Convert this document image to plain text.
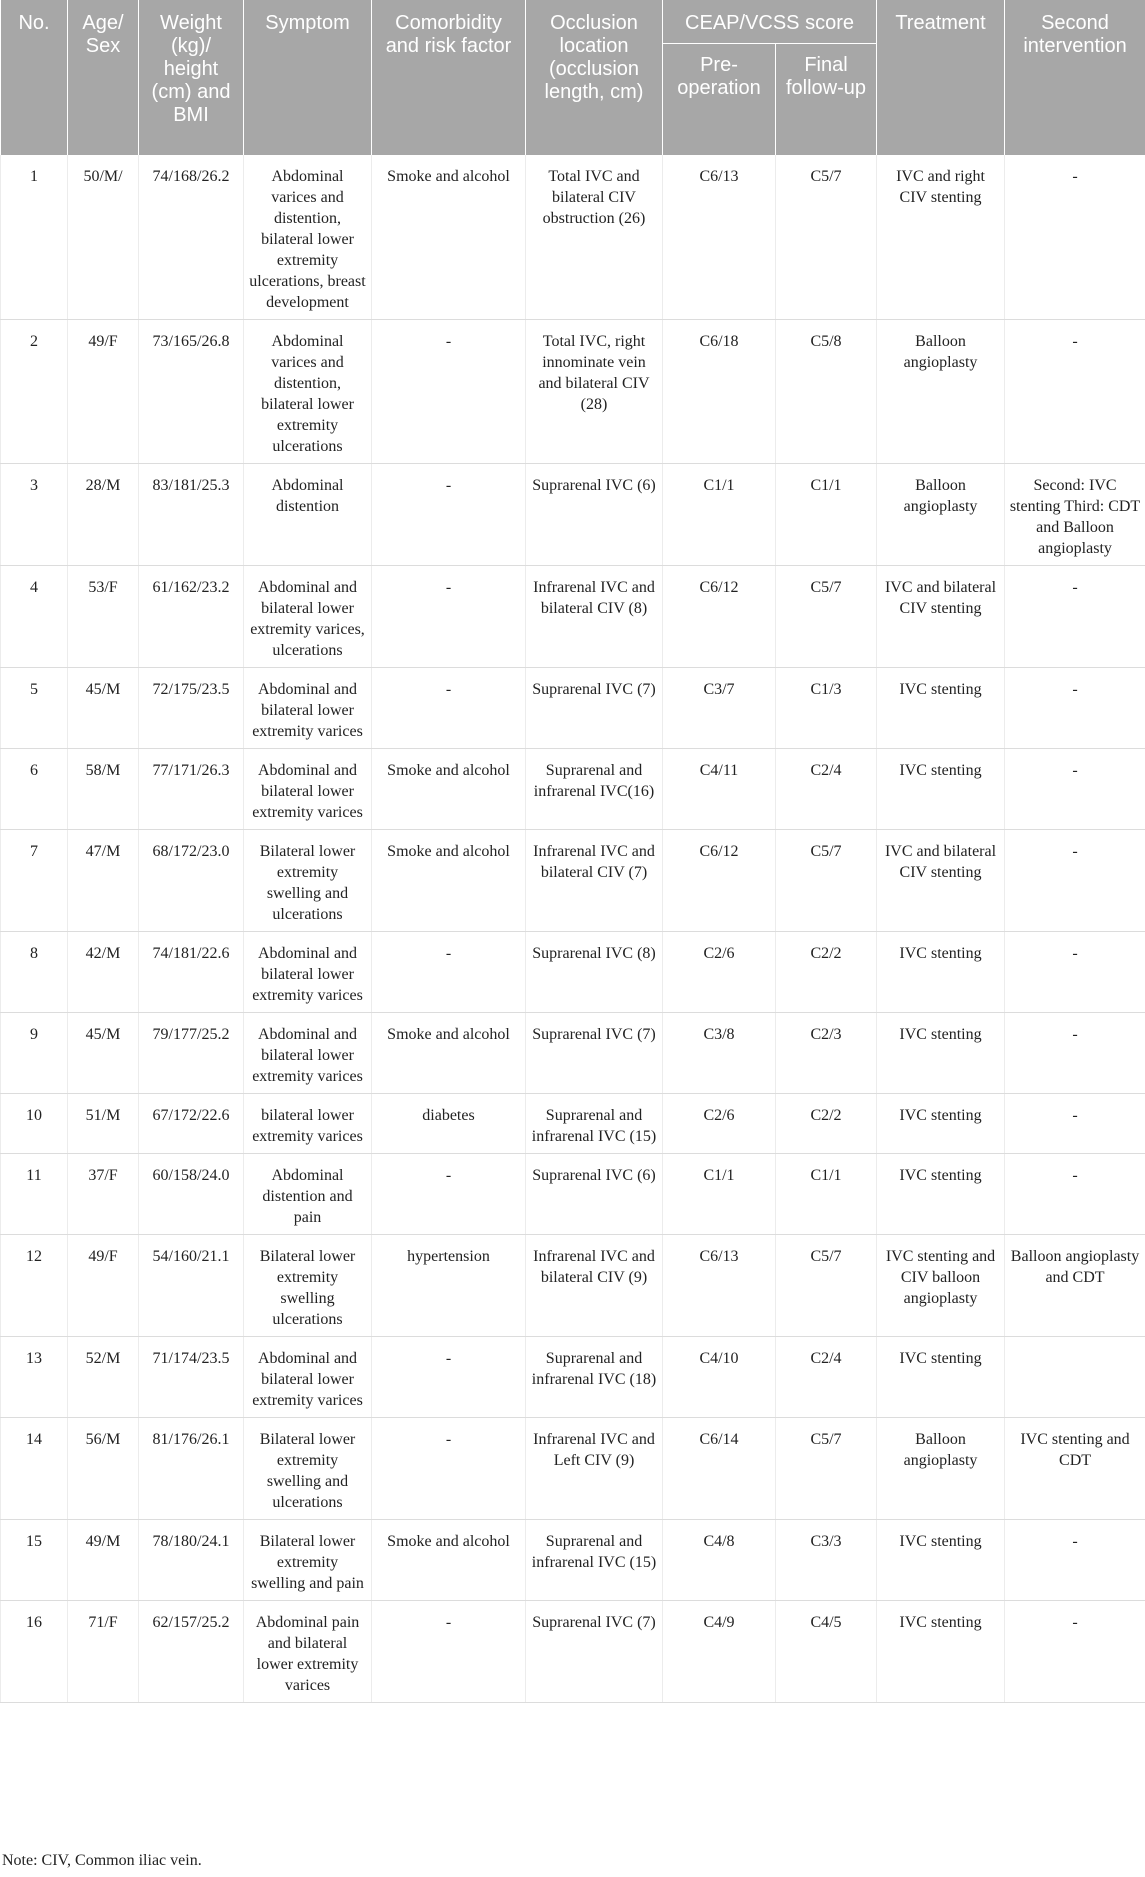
No.	Age/ Sex	Weight (kg)/ height (cm) and BMI	Symptom	Comorbidity and risk factor	Occlusion location (occlusion length, cm)	CEAP/VCSS score		Treatment	Second intervention
						Pre-operation	Final follow-up		
1	50/M/	74/168/26.2	Abdominal varices and distention, bilateral lower extremity ulcerations, breast development	Smoke and alcohol	Total IVC and bilateral CIV obstruction (26)	C6/13	C5/7	IVC and right CIV stenting	-
2	49/F	73/165/26.8	Abdominal varices and distention, bilateral lower extremity ulcerations	-	Total IVC, right innominate vein and bilateral CIV (28)	C6/18	C5/8	Balloon angioplasty	-
3	28/M	83/181/25.3	Abdominal distention	-	Suprarenal IVC (6)	C1/1	C1/1	Balloon angioplasty	Second: IVC stenting Third: CDT and Balloon angioplasty
4	53/F	61/162/23.2	Abdominal and bilateral lower extremity varices, ulcerations	-	Infrarenal IVC and bilateral CIV (8)	C6/12	C5/7	IVC and bilateral CIV stenting	-
5	45/M	72/175/23.5	Abdominal and bilateral lower extremity varices	-	Suprarenal IVC (7)	C3/7	C1/3	IVC stenting	-
6	58/M	77/171/26.3	Abdominal and bilateral lower extremity varices	Smoke and alcohol	Suprarenal and infrarenal IVC(16)	C4/11	C2/4	IVC stenting	-
7	47/M	68/172/23.0	Bilateral lower extremity swelling and ulcerations	Smoke and alcohol	Infrarenal IVC and bilateral CIV (7)	C6/12	C5/7	IVC and bilateral CIV stenting	-
8	42/M	74/181/22.6	Abdominal and bilateral lower extremity varices	-	Suprarenal IVC (8)	C2/6	C2/2	IVC stenting	-
9	45/M	79/177/25.2	Abdominal and bilateral lower extremity varices	Smoke and alcohol	Suprarenal IVC (7)	C3/8	C2/3	IVC stenting	-
10	51/M	67/172/22.6	bilateral lower extremity varices	diabetes	Suprarenal and infrarenal IVC (15)	C2/6	C2/2	IVC stenting	-
11	37/F	60/158/24.0	Abdominal distention and pain	-	Suprarenal IVC (6)	C1/1	C1/1	IVC stenting	-
12	49/F	54/160/21.1	Bilateral lower extremity swelling ulcerations	hypertension	Infrarenal IVC and bilateral CIV (9)	C6/13	C5/7	IVC stenting and CIV balloon angioplasty	Balloon angioplasty and CDT
13	52/M	71/174/23.5	Abdominal and bilateral lower extremity varices	-	Suprarenal and infrarenal IVC (18)	C4/10	C2/4	IVC stenting	
14	56/M	81/176/26.1	Bilateral lower extremity swelling and ulcerations	-	Infrarenal IVC and Left CIV (9)	C6/14	C5/7	Balloon angioplasty	IVC stenting and CDT
15	49/M	78/180/24.1	Bilateral lower extremity swelling and pain	Smoke and alcohol	Suprarenal and infrarenal IVC (15)	C4/8	C3/3	IVC stenting	-
16	71/F	62/157/25.2	Abdominal pain and bilateral lower extremity varices	-	Suprarenal IVC (7)	C4/9	C4/5	IVC stenting	-
Note: CIV, Common iliac vein.
